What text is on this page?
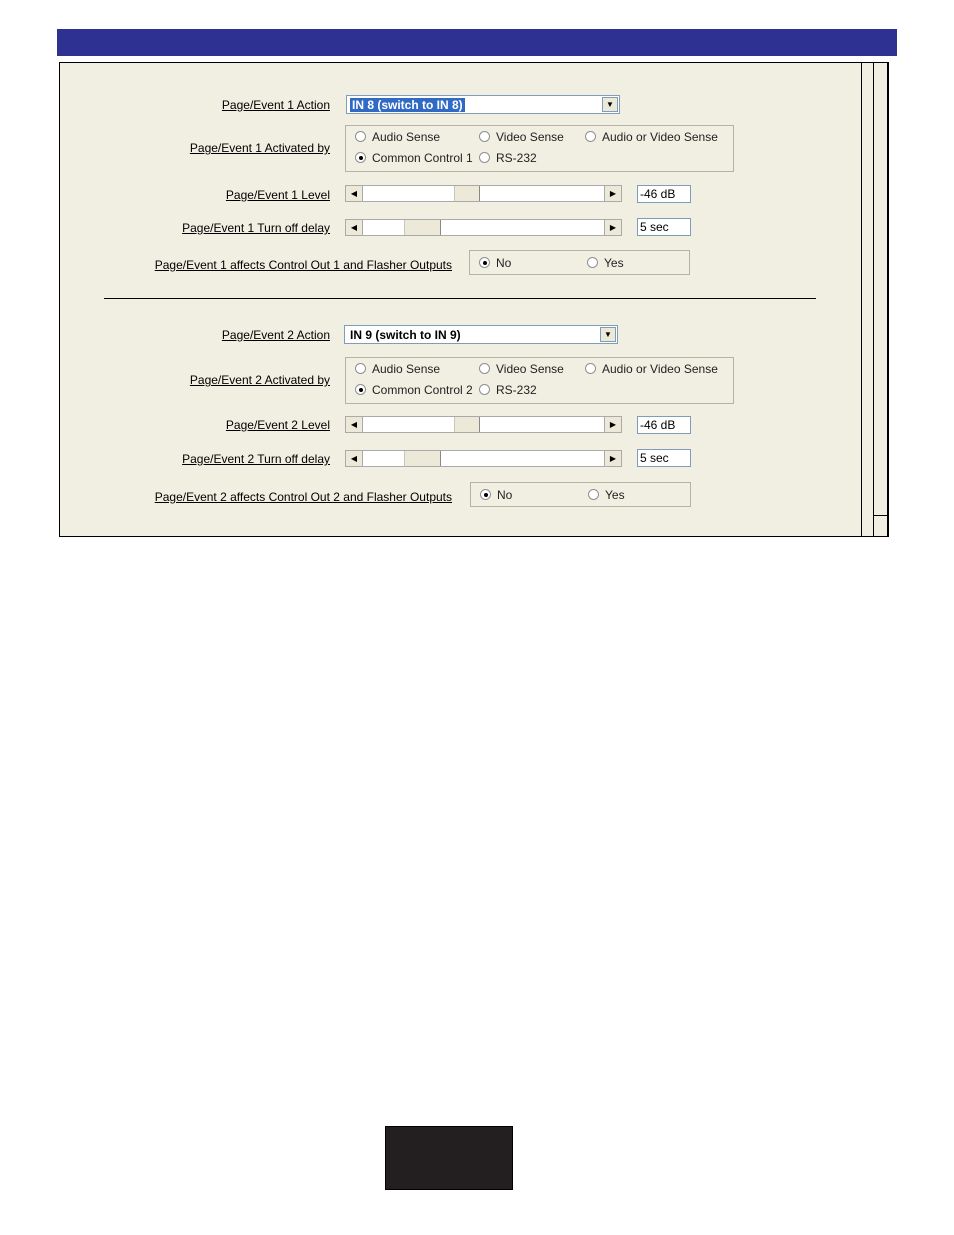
Page/Event 1 Action IN 8 (switch to IN 8)	▼
Page/Event 1 Activated by
Audio Sense	Video Sense	Audio or Video Sense
Common Control 1	RS-232
Page/Event 1 Level	◀	▶	-46 dB
Page/Event 1 Turn off delay	◀	▶	5 sec
Page/Event 1 affects Control Out 1 and Flasher Outputs	No	Yes
Page/Event 2 Action IN 9 (switch to IN 9)	▼
Page/Event 2 Activated by
Audio Sense	Video Sense	Audio or Video Sense
Common Control 2	RS-232
Page/Event 2 Level	◀	▶	-46 dB
Page/Event 2 Turn off delay	◀	▶	5 sec
Page/Event 2 affects Control Out 2 and Flasher Outputs	No	Yes
